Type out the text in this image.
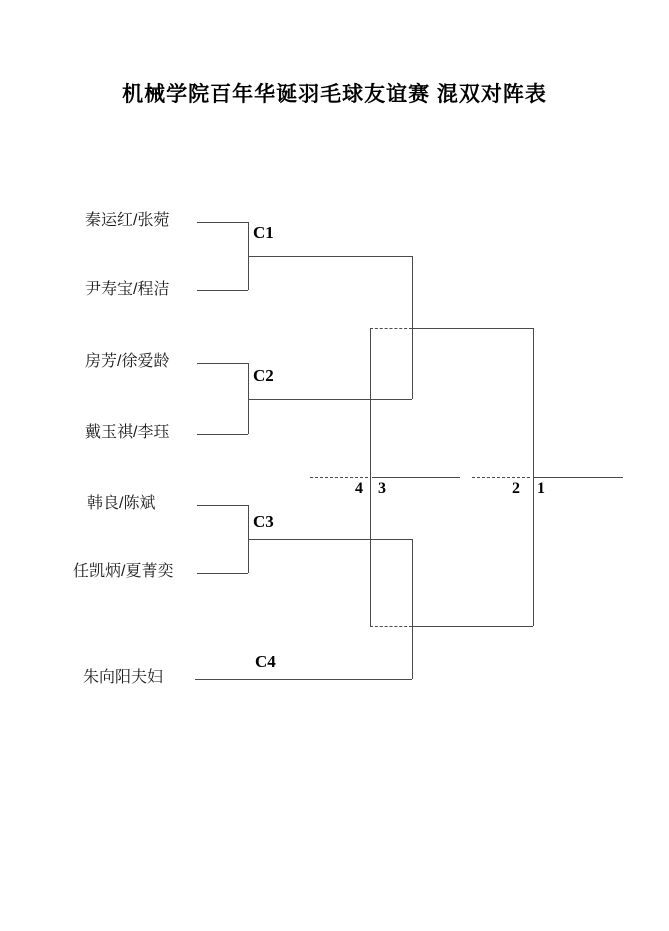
机械学院百年华诞羽毛球友谊赛 混双对阵表
秦运红/张菀
尹寿宝/程洁
房芳/徐爱龄
戴玉祺/李珏
韩良/陈斌
任凯炳/夏菁奕
朱向阳夫妇
C1
C2
C3
C4
4 3	2 1
